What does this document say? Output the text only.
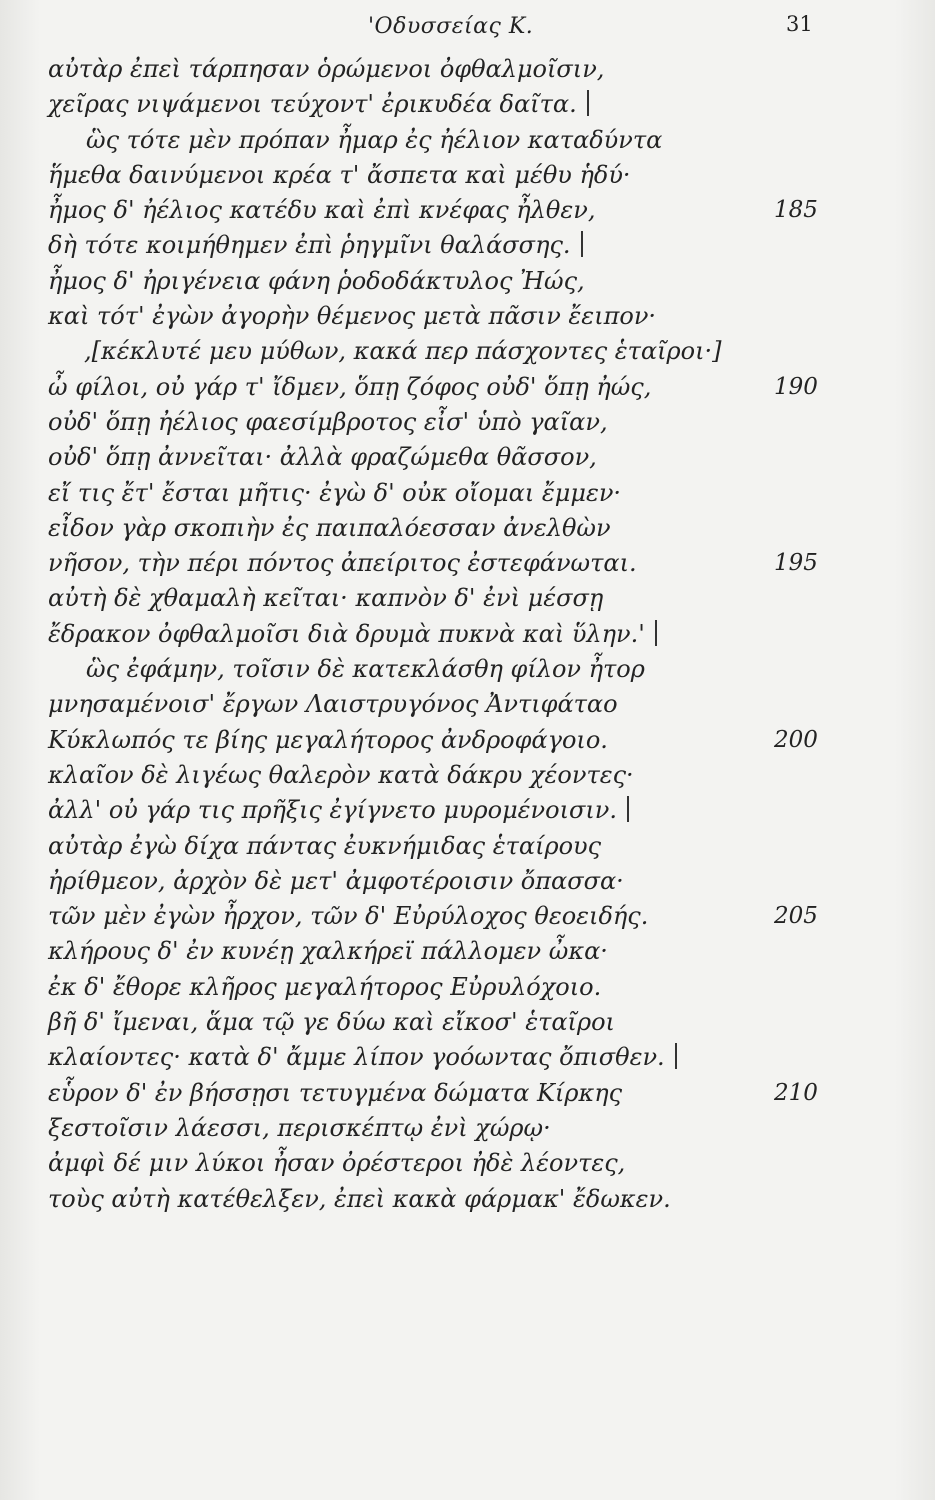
'Οδυσσείας Κ.	31
αὐτὰρ ἐπεὶ τάρπησαν ὁρώμενοι ὀφθαλμοῖσιν,
χεῖρας νιψάμενοι τεύχοντ' ἐρικυδέα δαῖτα.
ὣς τότε μὲν πρόπαν ἦμαρ ἐς ἠέλιον καταδύντα
ἥμεθα δαινύμενοι κρέα τ' ἄσπετα καὶ μέθυ ἡδύ·
ἦμος δ' ἠέλιος κατέδυ καὶ ἐπὶ κνέφας ἦλθεν,	185
δὴ τότε κοιμήθημεν ἐπὶ ῥηγμῖνι θαλάσσης.
ἦμος δ' ἠριγένεια φάνη ῥοδοδάκτυλος Ἠώς,
καὶ τότ' ἐγὼν ἀγορὴν θέμενος μετὰ πᾶσιν ἔειπον·
,[κέκλυτέ μευ μύθων, κακά περ πάσχοντες ἑταῖροι·]
ὦ φίλοι, οὐ γάρ τ' ἴδμεν, ὅπῃ ζόφος οὐδ' ὅπῃ ἠώς,	190
οὐδ' ὅπῃ ἠέλιος φαεσίμβροτος εἶσ' ὑπὸ γαῖαν,
οὐδ' ὅπῃ ἀννεῖται· ἀλλὰ φραζώμεθα θᾶσσον,
εἴ τις ἔτ' ἔσται μῆτις· ἐγὼ δ' οὐκ οἴομαι ἔμμεν·
εἶδον γὰρ σκοπιὴν ἐς παιπαλόεσσαν ἀνελθὼν
νῆσον, τὴν πέρι πόντος ἀπείριτος ἐστεφάνωται.	195
αὐτὴ δὲ χθαμαλὴ κεῖται· καπνὸν δ' ἐνὶ μέσσῃ
ἔδρακον ὀφθαλμοῖσι διὰ δρυμὰ πυκνὰ καὶ ὕλην.'
ὣς ἐφάμην, τοῖσιν δὲ κατεκλάσθη φίλον ἦτορ
μνησαμένοισ' ἔργων Λαιστρυγόνος Ἀντιφάταο
Κύκλωπός τε βίης μεγαλήτορος ἀνδροφάγοιο.	200
κλαῖον δὲ λιγέως θαλερὸν κατὰ δάκρυ χέοντες·
ἀλλ' οὐ γάρ τις πρῆξις ἐγίγνετο μυρομένοισιν.
αὐτὰρ ἐγὼ δίχα πάντας ἐυκνήμιδας ἑταίρους
ἠρίθμεον, ἀρχὸν δὲ μετ' ἀμφοτέροισιν ὄπασσα·
τῶν μὲν ἐγὼν ἦρχον, τῶν δ' Εὐρύλοχος θεοειδής.	205
κλήρους δ' ἐν κυνέῃ χαλκήρεϊ πάλλομεν ὦκα·
ἐκ δ' ἔθορε κλῆρος μεγαλήτορος Εὐρυλόχοιο.
βῆ δ' ἴμεναι, ἅμα τῷ γε δύω καὶ εἴκοσ' ἑταῖροι
κλαίοντες· κατὰ δ' ἄμμε λίπον γοόωντας ὄπισθεν.
εὗρον δ' ἐν βήσσῃσι τετυγμένα δώματα Κίρκης	210
ξεστοῖσιν λάεσσι, περισκέπτῳ ἐνὶ χώρῳ·
ἀμφὶ δέ μιν λύκοι ἦσαν ὀρέστεροι ἠδὲ λέοντες,
τοὺς αὐτὴ κατέθελξεν, ἐπεὶ κακὰ φάρμακ' ἔδωκεν.
